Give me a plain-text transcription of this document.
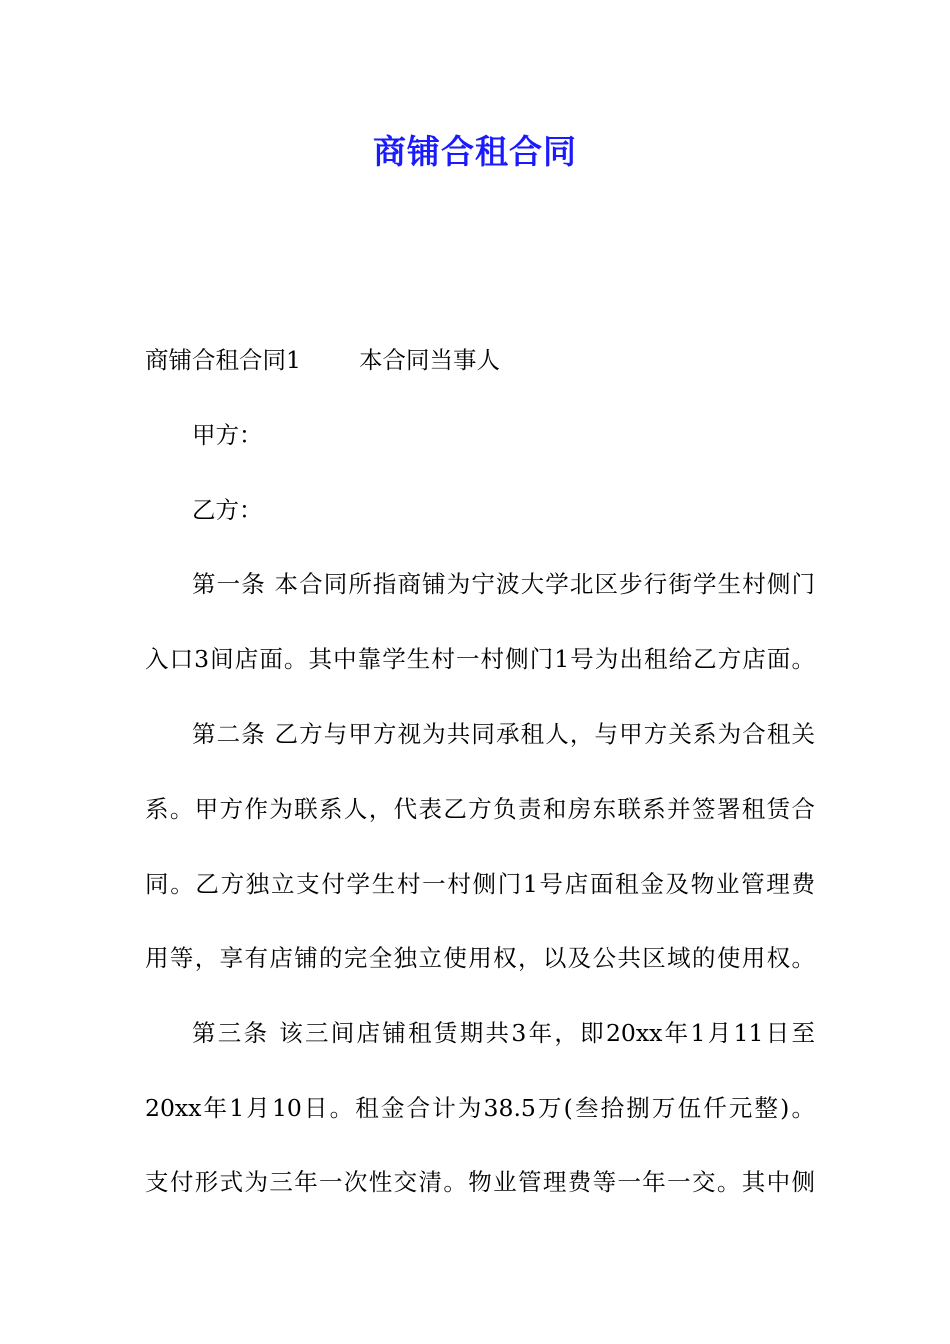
商铺合租合同
商铺合租合同1 本合同当事人
甲方：
乙方：
第一条 本合同所指商铺为宁波大学北区步行街学生村侧门
入口3间店面。其中靠学生村一村侧门1号为出租给乙方店面。
第二条 乙方与甲方视为共同承租人，与甲方关系为合租关
系。甲方作为联系人，代表乙方负责和房东联系并签署租赁合
同。乙方独立支付学生村一村侧门1号店面租金及物业管理费
用等，享有店铺的完全独立使用权，以及公共区域的使用权。
第三条 该三间店铺租赁期共3年，即20xx年1月11日至
20xx年1月10日。租金合计为38.5万(叁拾捌万伍仟元整)。
支付形式为三年一次性交清。物业管理费等一年一交。其中侧
